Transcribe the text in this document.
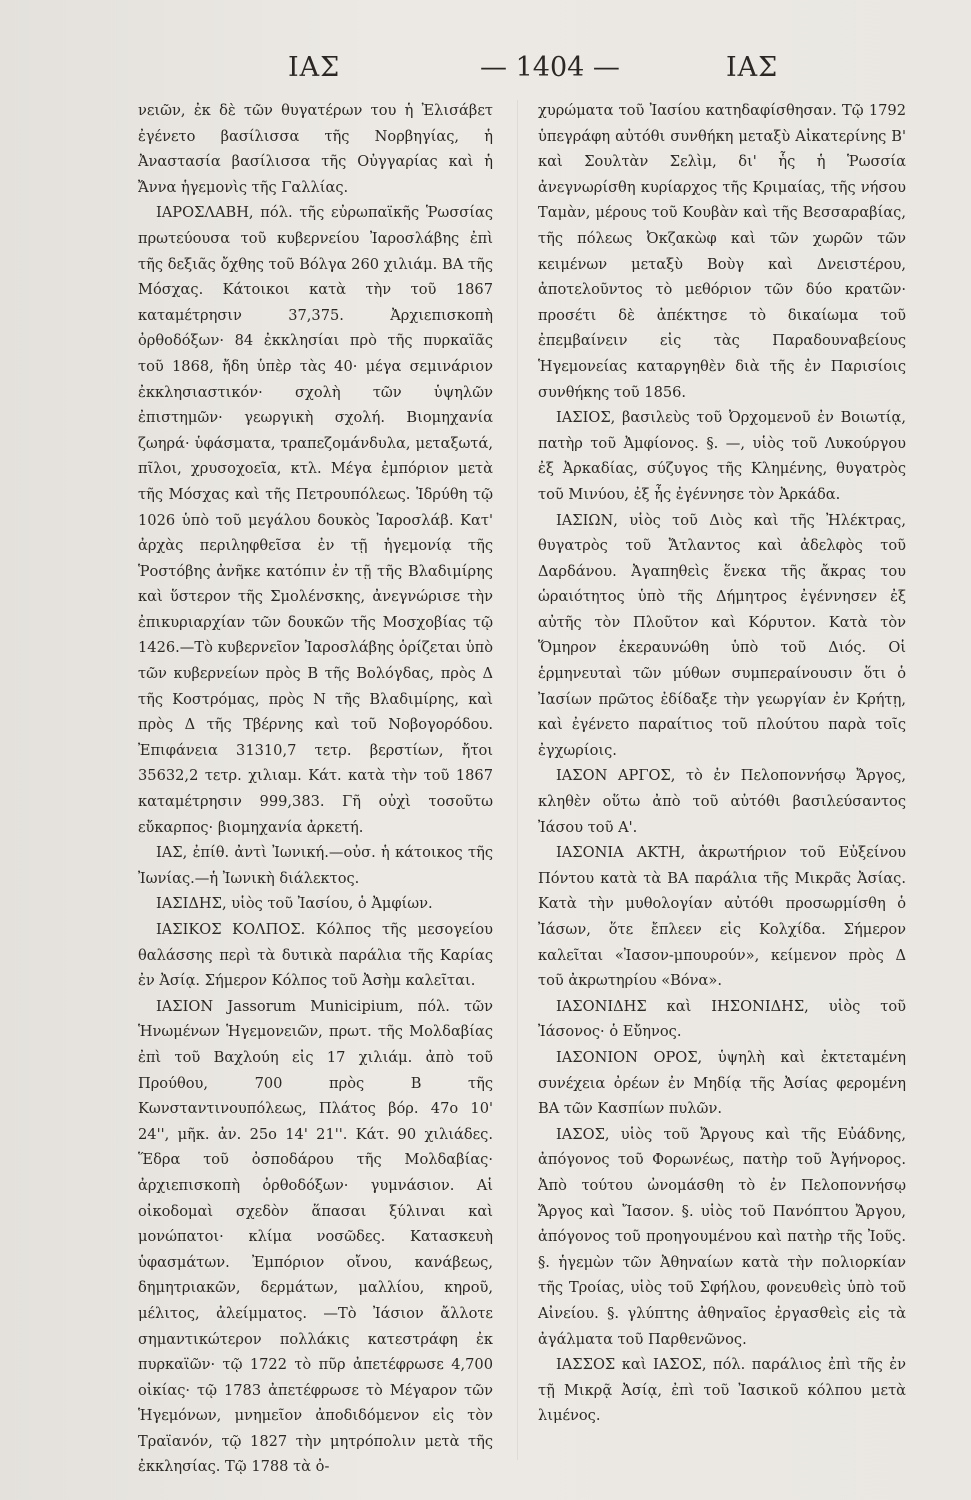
ΙΑΣ	— 1404 —	ΙΑΣ

νειῶν, ἐκ δὲ τῶν θυγατέρων του ἡ Ἐλισάβετ ἐγένετο βασίλισσα τῆς Νορβηγίας, ἡ Ἀναστασία βασίλισσα τῆς Οὐγγαρίας καὶ ἡ Ἄννα ἡγεμονὶς τῆς Γαλλίας.

ΙΑΡΟΣΛΑΒΗ, πόλ. τῆς εὐρωπαϊκῆς Ῥωσσίας πρωτεύουσα τοῦ κυβερνείου Ἰαροσλάβης ἐπὶ τῆς δεξιᾶς ὄχθης τοῦ Βόλγα 260 χιλιάμ. ΒΑ τῆς Μόσχας. Κάτοικοι κατὰ τὴν τοῦ 1867 καταμέτρησιν 37,375. Ἀρχιεπισκοπὴ ὀρθοδόξων· 84 ἐκκλησίαι πρὸ τῆς πυρκαϊᾶς τοῦ 1868, ἤδη ὑπὲρ τὰς 40· μέγα σεμινάριον ἐκκλησιαστικόν· σχολὴ τῶν ὑψηλῶν ἐπιστημῶν· γεωργικὴ σχολή. Βιομηχανία ζωηρά· ὑφάσματα, τραπεζομάνδυλα, μεταξωτά, πῖλοι, χρυσοχοεῖα, κτλ. Μέγα ἐμπόριον μετὰ τῆς Μόσχας καὶ τῆς Πετρουπόλεως. Ἱδρύθη τῷ 1026 ὑπὸ τοῦ μεγάλου δουκὸς Ἰαροσλάβ. Κατ' ἀρχὰς περιληφθεῖσα ἐν τῇ ἡγεμονίᾳ τῆς Ῥοστόβης ἀνῆκε κατόπιν ἐν τῇ τῆς Βλαδιμίρης καὶ ὕστερον τῆς Σμολένσκης, ἀνεγνώρισε τὴν ἐπικυριαρχίαν τῶν δουκῶν τῆς Μοσχοβίας τῷ 1426.—Τὸ κυβερνεῖον Ἰαροσλάβης ὁρίζεται ὑπὸ τῶν κυβερνείων πρὸς Β τῆς Βολόγδας, πρὸς Δ τῆς Κοστρόμας, πρὸς Ν τῆς Βλαδιμίρης, καὶ πρὸς Δ τῆς Τβέρνης καὶ τοῦ Νοβογορόδου. Ἐπιφάνεια 31310,7 τετρ. βερστίων, ἤτοι 35632,2 τετρ. χιλιαμ. Κάτ. κατὰ τὴν τοῦ 1867 καταμέτρησιν 999,383. Γῆ οὐχὶ τοσοῦτω εὔκαρπος· βιομηχανία ἀρκετή.

ΙΑΣ, ἐπίθ. ἀντὶ Ἰωνική.—οὐσ. ἡ κάτοικος τῆς Ἰωνίας.—ἡ Ἰωνικὴ διάλεκτος.

ΙΑΣΙΔΗΣ, υἱὸς τοῦ Ἰασίου, ὁ Ἀμφίων.

ΙΑΣΙΚΟΣ ΚΟΛΠΟΣ. Κόλπος τῆς μεσογείου θαλάσσης περὶ τὰ δυτικὰ παράλια τῆς Καρίας ἐν Ἀσίᾳ. Σήμερον Κόλπος τοῦ Ἀσὴμ καλεῖται.

ΙΑΣΙΟΝ Jassorum Municipium, πόλ. τῶν Ἡνωμένων Ἡγεμονειῶν, πρωτ. τῆς Μολδαβίας ἐπὶ τοῦ Βαχλούη εἰς 17 χιλιάμ. ἀπὸ τοῦ Προύθου, 700 πρὸς Β τῆς Κωνσταντινουπόλεως, Πλάτος βόρ. 47ο 10' 24'', μῆκ. ἀν. 25ο 14' 21''. Κάτ. 90 χιλιάδες. Ἕδρα τοῦ ὀσποδάρου τῆς Μολδαβίας· ἀρχιεπισκοπὴ ὀρθοδόξων· γυμνάσιον. Αἱ οἰκοδομαὶ σχεδὸν ἅπασαι ξύλιναι καὶ μονώπατοι· κλίμα νοσῶδες. Κατασκευὴ ὑφασμάτων. Ἐμπόριον οἴνου, κανάβεως, δημητριακῶν, δερμάτων, μαλλίου, κηροῦ, μέλιτος, ἀλείμματος. —Τὸ Ἰάσιον ἄλλοτε σημαντικώτερον πολλάκις κατεστράφη ἐκ πυρκαϊῶν· τῷ 1722 τὸ πῦρ ἀπετέφρωσε 4,700 οἰκίας· τῷ 1783 ἀπετέφρωσε τὸ Μέγαρον τῶν Ἡγεμόνων, μνημεῖον ἀποδιδόμενον εἰς τὸν Τραϊανόν, τῷ 1827 τὴν μητρόπολιν μετὰ τῆς ἐκκλησίας. Τῷ 1788 τὰ ὀ-

χυρώματα τοῦ Ἰασίου κατηδαφίσθησαν. Τῷ 1792 ὑπεγράφη αὐτόθι συνθήκη μεταξὺ Αἰκατερίνης Β' καὶ Σουλτὰν Σελὶμ, δι' ἧς ἡ Ῥωσσία ἀνεγνωρίσθη κυρίαρχος τῆς Κριμαίας, τῆς νήσου Ταμὰν, μέρους τοῦ Κουβὰν καὶ τῆς Βεσσαραβίας, τῆς πόλεως Ὀκζακὼφ καὶ τῶν χωρῶν τῶν κειμένων μεταξὺ Βοὺγ καὶ Δνειστέρου, ἀποτελοῦντος τὸ μεθόριον τῶν δύο κρατῶν· προσέτι δὲ ἀπέκτησε τὸ δικαίωμα τοῦ ἐπεμβαίνειν εἰς τὰς Παραδουναβείους Ἡγεμονείας καταργηθὲν διὰ τῆς ἐν Παρισίοις συνθήκης τοῦ 1856.

ΙΑΣΙΟΣ, βασιλεὺς τοῦ Ὀρχομενοῦ ἐν Βοιωτίᾳ, πατὴρ τοῦ Ἀμφίονος. §. —, υἱὸς τοῦ Λυκούργου ἐξ Ἀρκαδίας, σύζυγος τῆς Κλημένης, θυγατρὸς τοῦ Μινύου, ἐξ ἧς ἐγέννησε τὸν Ἀρκάδα.

ΙΑΣΙΩΝ, υἱὸς τοῦ Διὸς καὶ τῆς Ἠλέκτρας, θυγατρὸς τοῦ Ἄτλαντος καὶ ἀδελφὸς τοῦ Δαρδάνου. Ἀγαπηθεὶς ἕνεκα τῆς ἄκρας του ὡραιότητος ὑπὸ τῆς Δήμητρος ἐγέννησεν ἐξ αὐτῆς τὸν Πλοῦτον καὶ Κόρυτον. Κατὰ τὸν Ὅμηρον ἐκεραυνώθη ὑπὸ τοῦ Διός. Οἱ ἑρμηνευταὶ τῶν μύθων συμπεραίνουσιν ὅτι ὁ Ἰασίων πρῶτος ἐδίδαξε τὴν γεωργίαν ἐν Κρήτῃ, καὶ ἐγένετο παραίτιος τοῦ πλούτου παρὰ τοῖς ἐγχωρίοις.

ΙΑΣΟΝ ΑΡΓΟΣ, τὸ ἐν Πελοποννήσῳ Ἄργος, κληθὲν οὕτω ἀπὸ τοῦ αὐτόθι βασιλεύσαντος Ἰάσου τοῦ Α'.

ΙΑΣΟΝΙΑ ΑΚΤΗ, ἀκρωτήριον τοῦ Εὐξείνου Πόντου κατὰ τὰ ΒΑ παράλια τῆς Μικρᾶς Ἀσίας. Κατὰ τὴν μυθολογίαν αὐτόθι προσωρμίσθη ὁ Ἰάσων, ὅτε ἔπλεεν εἰς Κολχίδα. Σήμερον καλεῖται «Ἰασον-μπουρούν», κείμενον πρὸς Δ τοῦ ἀκρωτηρίου «Βόνα».

ΙΑΣΟΝΙΔΗΣ καὶ ΙΗΣΟΝΙΔΗΣ, υἱὸς τοῦ Ἰάσονος· ὁ Εὔηνος.

ΙΑΣΟΝΙΟΝ ΟΡΟΣ, ὑψηλὴ καὶ ἐκτεταμένη συνέχεια ὀρέων ἐν Μηδίᾳ τῆς Ἀσίας φερομένη ΒΑ τῶν Κασπίων πυλῶν.

ΙΑΣΟΣ, υἱὸς τοῦ Ἄργους καὶ τῆς Εὐάδνης, ἀπόγονος τοῦ Φορωνέως, πατὴρ τοῦ Ἀγήνορος. Ἀπὸ τούτου ὠνομάσθη τὸ ἐν Πελοποννήσῳ Ἄργος καὶ Ἴασον. §. υἱὸς τοῦ Πανόπτου Ἄργου, ἀπόγονος τοῦ προηγουμένου καὶ πατὴρ τῆς Ἰοῦς. §. ἡγεμὼν τῶν Ἀθηναίων κατὰ τὴν πολιορκίαν τῆς Τροίας, υἱὸς τοῦ Σφήλου, φονευθεὶς ὑπὸ τοῦ Αἰνείου. §. γλύπτης ἀθηναῖος ἐργασθεὶς εἰς τὰ ἀγάλματα τοῦ Παρθενῶνος.

ΙΑΣΣΟΣ καὶ ΙΑΣΟΣ, πόλ. παράλιος ἐπὶ τῆς ἐν τῇ Μικρᾷ Ἀσίᾳ, ἐπὶ τοῦ Ἰασικοῦ κόλπου μετὰ λιμένος.
